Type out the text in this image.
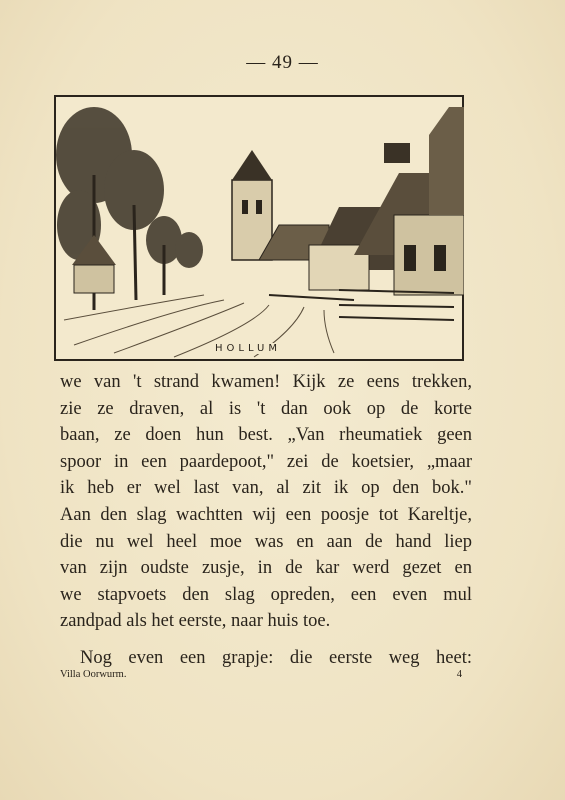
— 49 —
HOLLUM
we van 't strand kwamen! Kijk ze eens trekken,
zie ze draven, al is 't dan ook op de korte
baan, ze doen hun best. „Van rheumatiek geen
spoor in een paardepoot," zei de koetsier, „maar
ik heb er wel last van, al zit ik op den bok."
Aan den slag wachtten wij een poosje tot Kareltje,
die nu wel heel moe was en aan de hand liep
van zijn oudste zusje, in de kar werd gezet en
we stapvoets den slag opreden, een even mul
zandpad als het eerste, naar huis toe.
Nog even een grapje: die eerste weg heet:
Villa Oorwurm.	4
